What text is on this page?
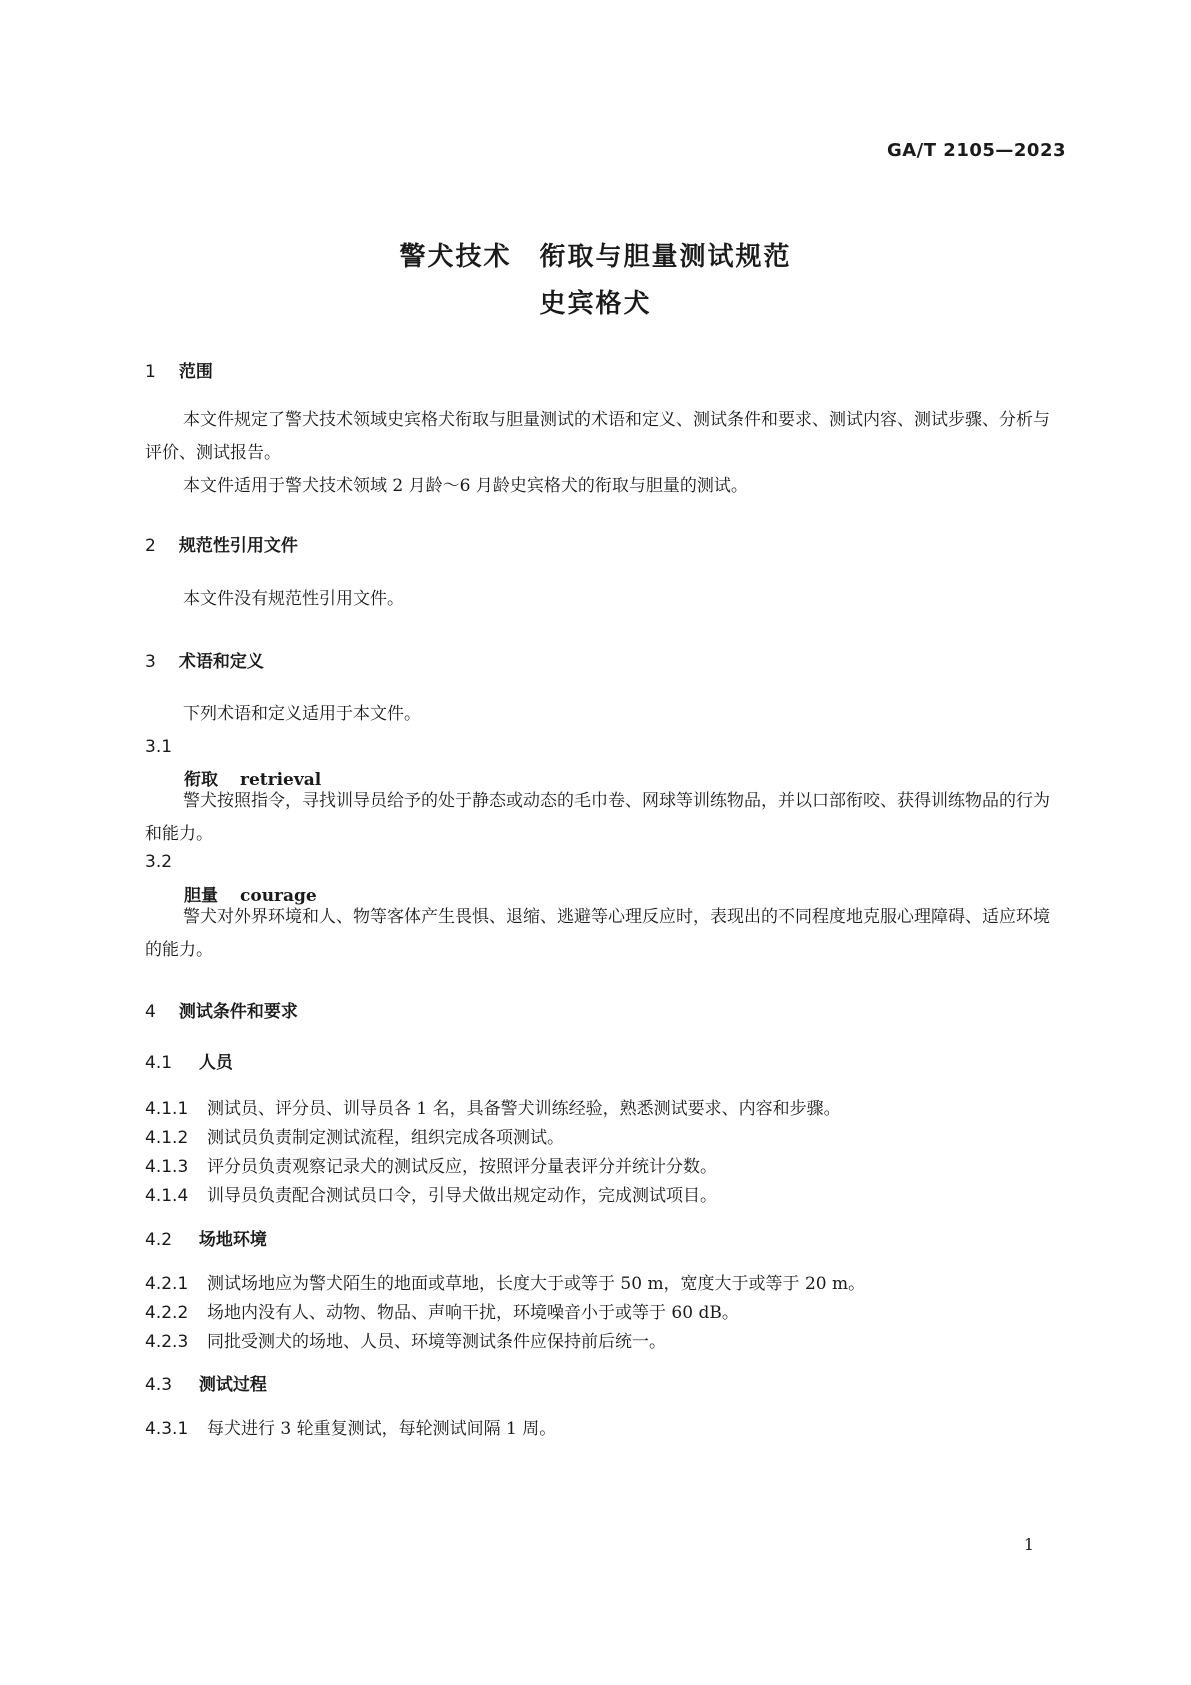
GA/T 2105—2023
警犬技术　衔取与胆量测试规范
史宾格犬
1 范围
本文件规定了警犬技术领域史宾格犬衔取与胆量测试的术语和定义、测试条件和要求、测试内容、测试步骤、分析与评价、测试报告。
本文件适用于警犬技术领域 2 月龄～6 月龄史宾格犬的衔取与胆量的测试。
2 规范性引用文件
本文件没有规范性引用文件。
3 术语和定义
下列术语和定义适用于本文件。
3.1
衔取 retrieval
警犬按照指令，寻找训导员给予的处于静态或动态的毛巾卷、网球等训练物品，并以口部衔咬、获得训练物品的行为和能力。
3.2
胆量 courage
警犬对外界环境和人、物等客体产生畏惧、退缩、逃避等心理反应时，表现出的不同程度地克服心理障碍、适应环境的能力。
4 测试条件和要求
4.1 人员
4.1.1 测试员、评分员、训导员各 1 名，具备警犬训练经验，熟悉测试要求、内容和步骤。
4.1.2 测试员负责制定测试流程，组织完成各项测试。
4.1.3 评分员负责观察记录犬的测试反应，按照评分量表评分并统计分数。
4.1.4 训导员负责配合测试员口令，引导犬做出规定动作，完成测试项目。
4.2 场地环境
4.2.1 测试场地应为警犬陌生的地面或草地，长度大于或等于 50 m，宽度大于或等于 20 m。
4.2.2 场地内没有人、动物、物品、声响干扰，环境噪音小于或等于 60 dB。
4.2.3 同批受测犬的场地、人员、环境等测试条件应保持前后统一。
4.3 测试过程
4.3.1 每犬进行 3 轮重复测试，每轮测试间隔 1 周。
1
